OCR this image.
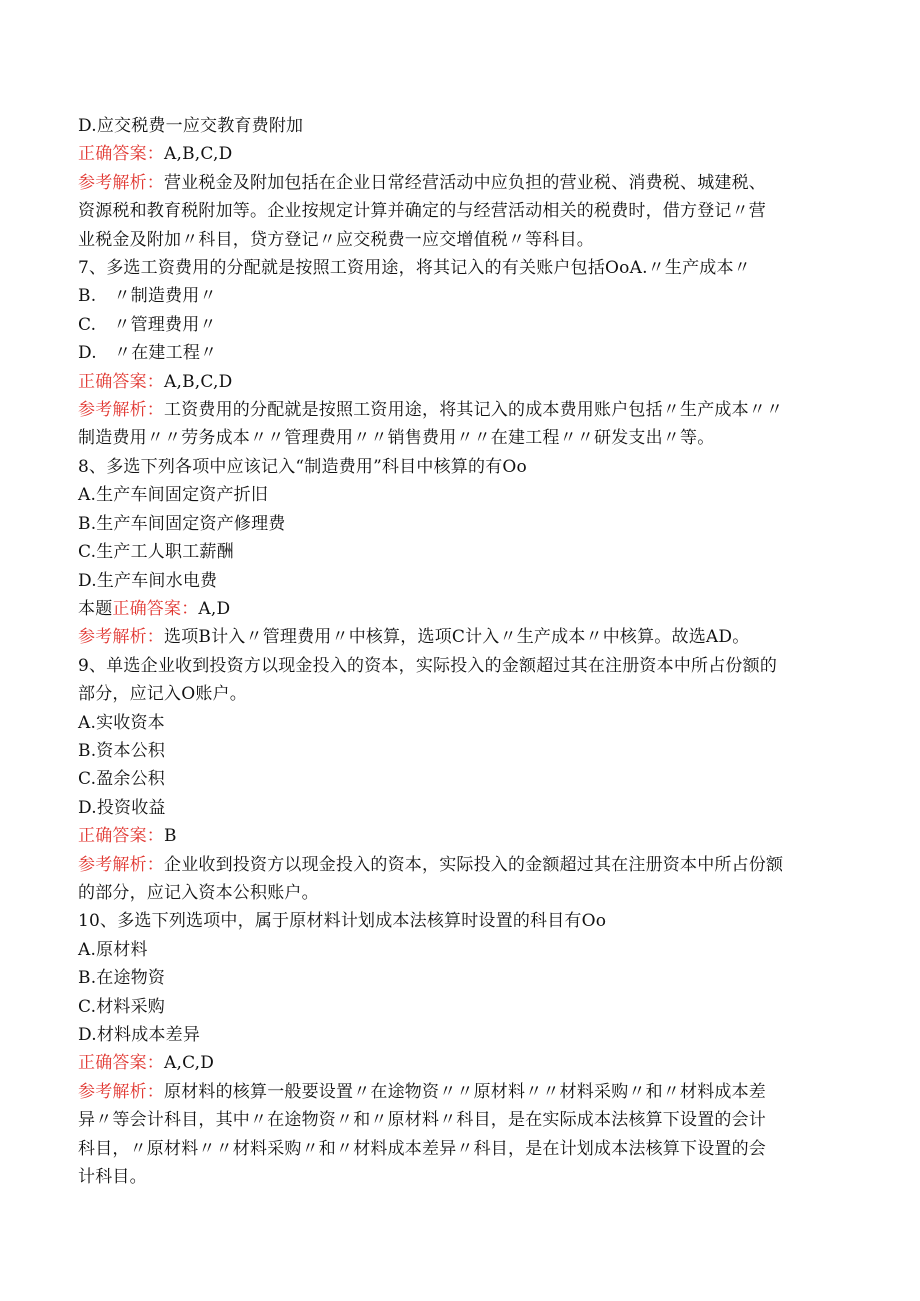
D.应交税费一应交教育费附加
正确答案：A,B,C,D
参考解析：营业税金及附加包括在企业日常经营活动中应负担的营业税、消费税、城建税、
资源税和教育税附加等。企业按规定计算并确定的与经营活动相关的税费时，借方登记〃营
业税金及附加〃科目，贷方登记〃应交税费一应交增值税〃等科目。
7、多选工资费用的分配就是按照工资用途，将其记入的有关账户包括OoA.〃生产成本〃
B.　〃制造费用〃
C.　〃管理费用〃
D.　〃在建工程〃
正确答案：A,B,C,D
参考解析：工资费用的分配就是按照工资用途，将其记入的成本费用账户包括〃生产成本〃〃
制造费用〃〃劳务成本〃〃管理费用〃〃销售费用〃〃在建工程〃〃研发支出〃等。
8、多选下列各项中应该记入“制造费用”科目中核算的有Oo
A.生产车间固定资产折旧
B.生产车间固定资产修理费
C.生产工人职工薪酬
D.生产车间水电费
本题正确答案：A,D
参考解析：选项B计入〃管理费用〃中核算，选项C计入〃生产成本〃中核算。故选AD。
9、单选企业收到投资方以现金投入的资本，实际投入的金额超过其在注册资本中所占份额的
部分，应记入O账户。
A.实收资本
B.资本公积
C.盈余公积
D.投资收益
正确答案：B
参考解析：企业收到投资方以现金投入的资本，实际投入的金额超过其在注册资本中所占份额
的部分，应记入资本公积账户。
10、多选下列选项中，属于原材料计划成本法核算时设置的科目有Oo
A.原材料
B.在途物资
C.材料采购
D.材料成本差异
正确答案：A,C,D
参考解析：原材料的核算一般要设置〃在途物资〃〃原材料〃〃材料采购〃和〃材料成本差
异〃等会计科目，其中〃在途物资〃和〃原材料〃科目，是在实际成本法核算下设置的会计
科目，〃原材料〃〃材料采购〃和〃材料成本差异〃科目，是在计划成本法核算下设置的会
计科目。
